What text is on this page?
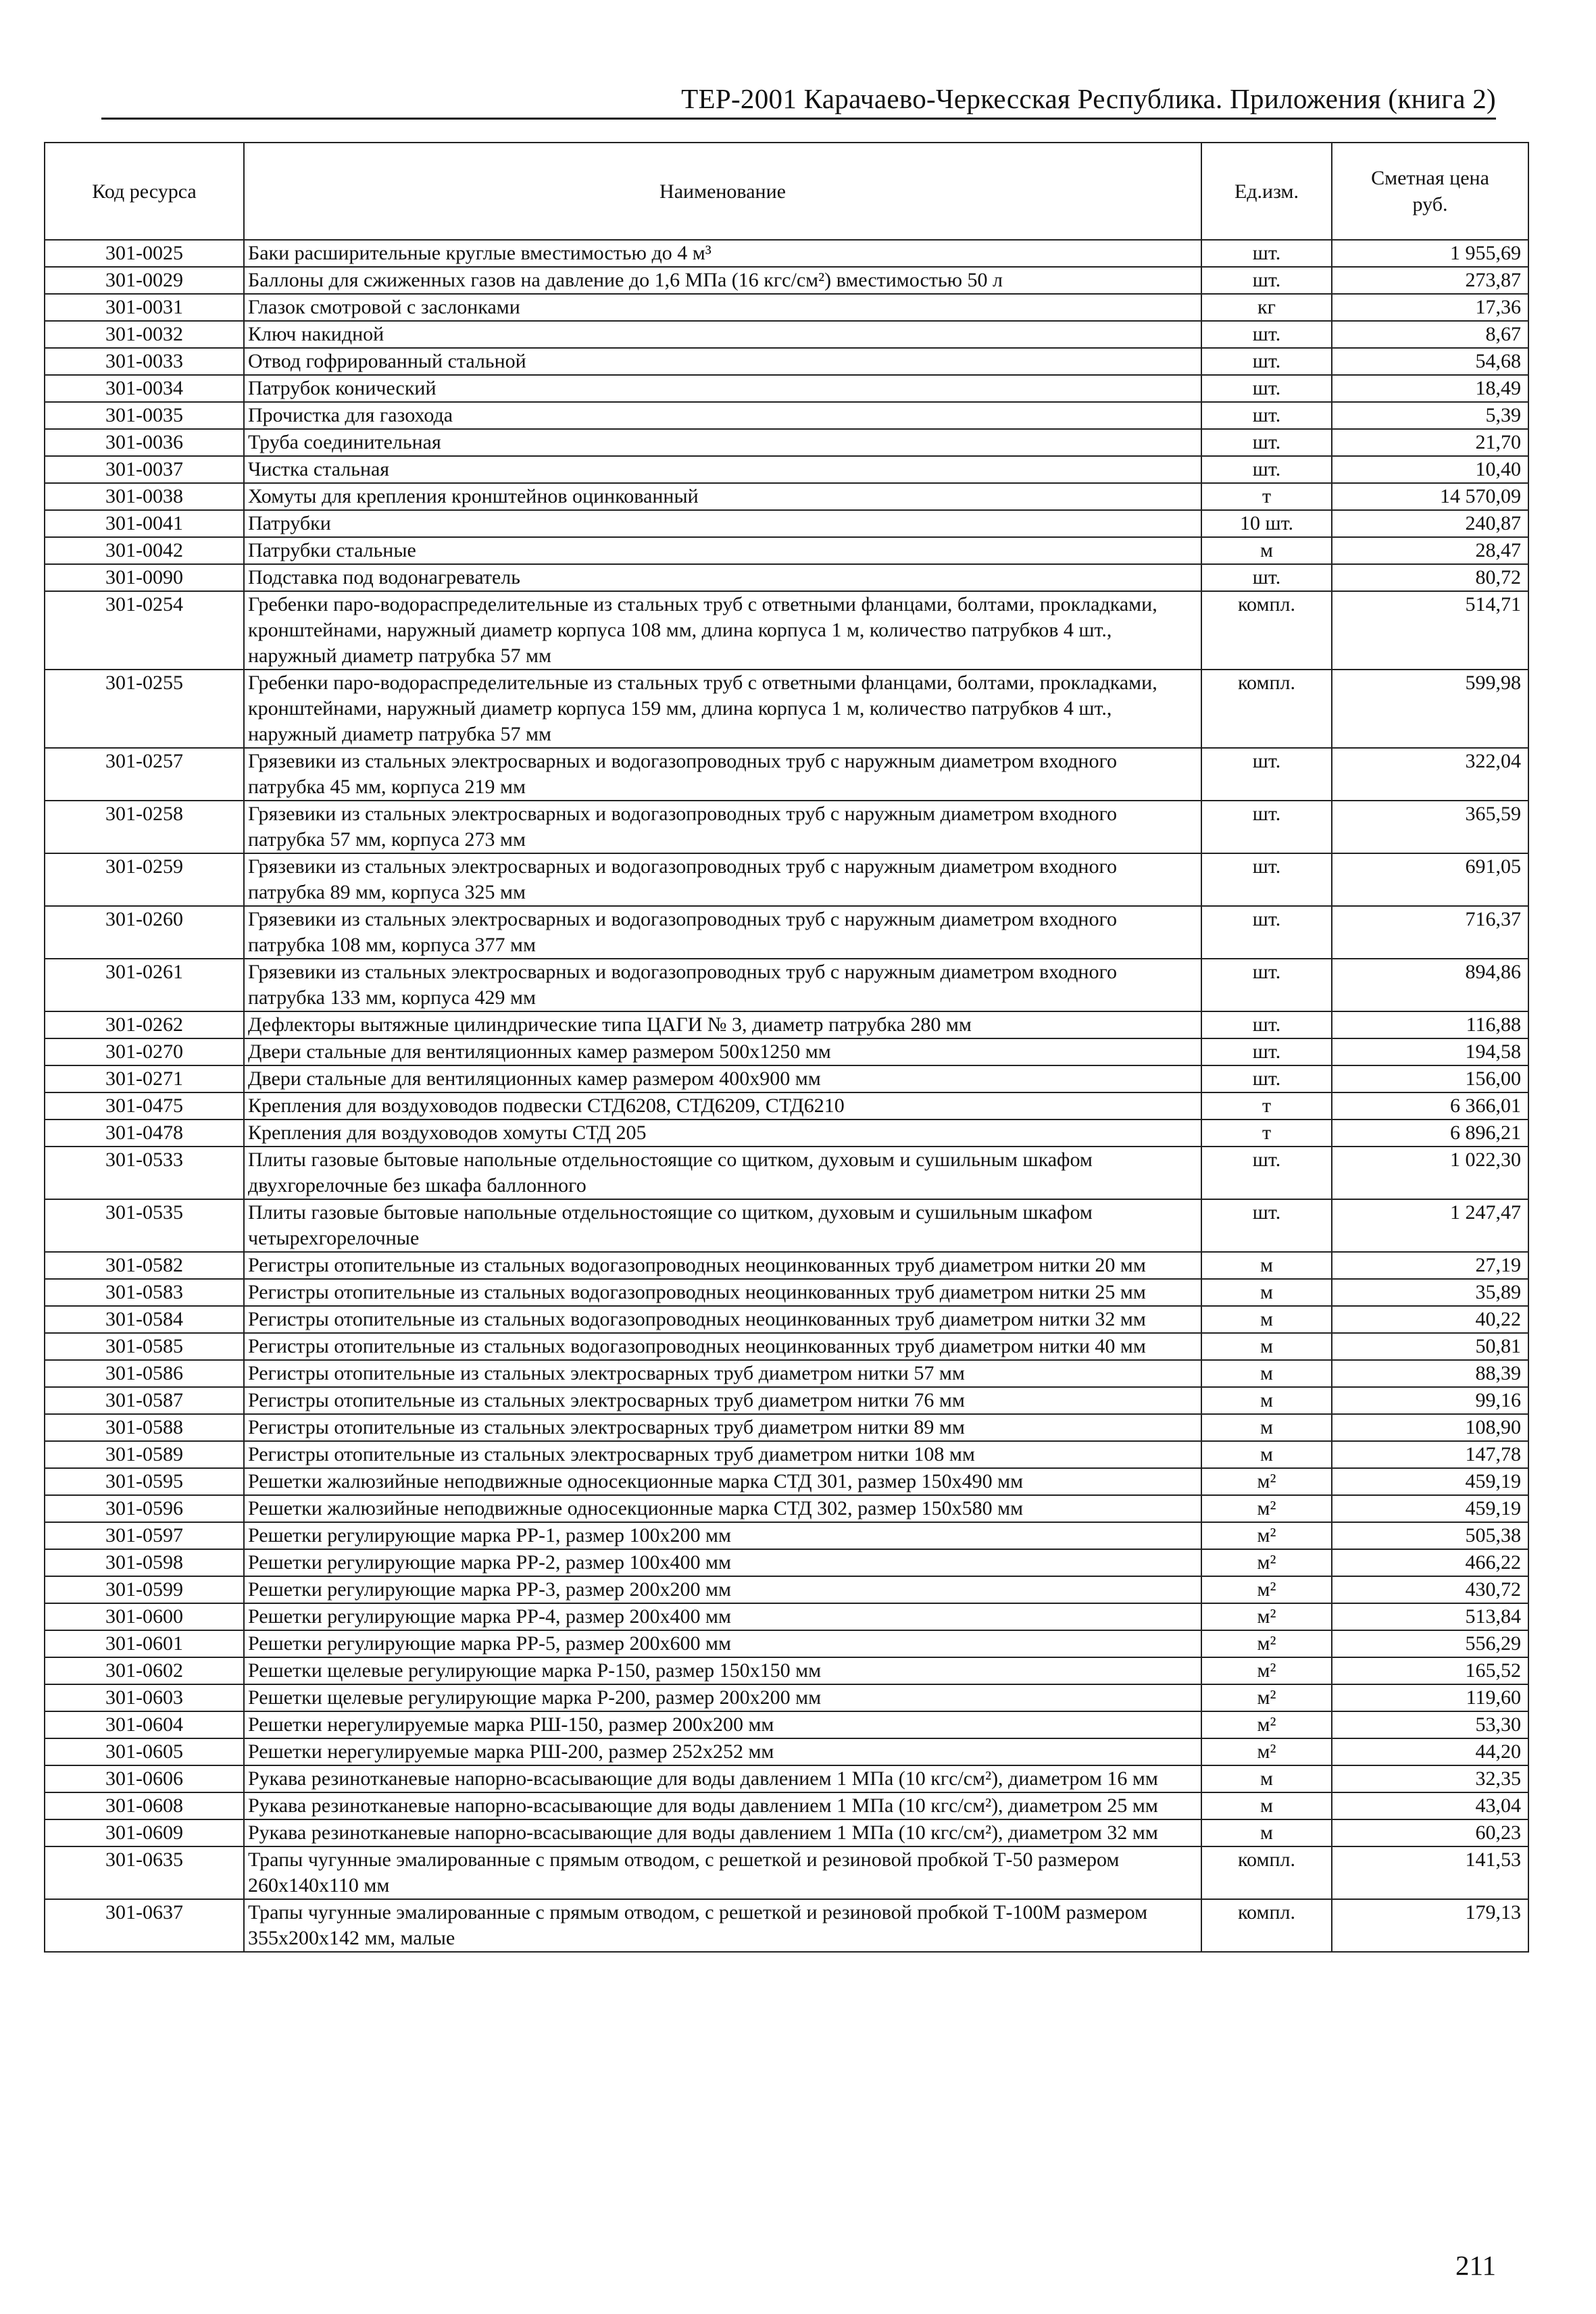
ТЕР-2001 Карачаево-Черкесская Республика. Приложения (книга 2)
Код ресурса	Наименование	Ед.изм.	Сметная цена руб.
301-0025	Баки расширительные круглые вместимостью до 4 м³	шт.	1 955,69
301-0029	Баллоны для сжиженных газов на давление до 1,6 МПа (16 кгс/см²) вместимостью 50 л	шт.	273,87
301-0031	Глазок смотровой с заслонками	кг	17,36
301-0032	Ключ накидной	шт.	8,67
301-0033	Отвод гофрированный стальной	шт.	54,68
301-0034	Патрубок конический	шт.	18,49
301-0035	Прочистка для газохода	шт.	5,39
301-0036	Труба соединительная	шт.	21,70
301-0037	Чистка стальная	шт.	10,40
301-0038	Хомуты для крепления кронштейнов оцинкованный	т	14 570,09
301-0041	Патрубки	10 шт.	240,87
301-0042	Патрубки стальные	м	28,47
301-0090	Подставка под водонагреватель	шт.	80,72
301-0254	Гребенки паро-водораспределительные из стальных труб с ответными фланцами, болтами, прокладками, кронштейнами, наружный диаметр корпуса 108 мм, длина корпуса 1 м, количество патрубков 4 шт., наружный диаметр патрубка 57 мм	компл.	514,71
301-0255	Гребенки паро-водораспределительные из стальных труб с ответными фланцами, болтами, прокладками, кронштейнами, наружный диаметр корпуса 159 мм, длина корпуса 1 м, количество патрубков 4 шт., наружный диаметр патрубка 57 мм	компл.	599,98
301-0257	Грязевики из стальных электросварных и водогазопроводных труб с наружным диаметром входного патрубка 45 мм, корпуса 219 мм	шт.	322,04
301-0258	Грязевики из стальных электросварных и водогазопроводных труб с наружным диаметром входного патрубка 57 мм, корпуса 273 мм	шт.	365,59
301-0259	Грязевики из стальных электросварных и водогазопроводных труб с наружным диаметром входного патрубка 89 мм, корпуса 325 мм	шт.	691,05
301-0260	Грязевики из стальных электросварных и водогазопроводных труб с наружным диаметром входного патрубка 108 мм, корпуса 377 мм	шт.	716,37
301-0261	Грязевики из стальных электросварных и водогазопроводных труб с наружным диаметром входного патрубка 133 мм, корпуса 429 мм	шт.	894,86
301-0262	Дефлекторы вытяжные цилиндрические типа ЦАГИ № 3, диаметр патрубка 280 мм	шт.	116,88
301-0270	Двери стальные для вентиляционных камер размером 500х1250 мм	шт.	194,58
301-0271	Двери стальные для вентиляционных камер размером 400х900 мм	шт.	156,00
301-0475	Крепления для воздуховодов подвески СТД6208, СТД6209, СТД6210	т	6 366,01
301-0478	Крепления для воздуховодов хомуты СТД 205	т	6 896,21
301-0533	Плиты газовые бытовые напольные отдельностоящие со щитком, духовым и сушильным шкафом двухгорелочные без шкафа баллонного	шт.	1 022,30
301-0535	Плиты газовые бытовые напольные отдельностоящие со щитком, духовым и сушильным шкафом четырехгорелочные	шт.	1 247,47
301-0582	Регистры отопительные из стальных водогазопроводных неоцинкованных труб диаметром нитки 20 мм	м	27,19
301-0583	Регистры отопительные из стальных водогазопроводных неоцинкованных труб диаметром нитки 25 мм	м	35,89
301-0584	Регистры отопительные из стальных водогазопроводных неоцинкованных труб диаметром нитки 32 мм	м	40,22
301-0585	Регистры отопительные из стальных водогазопроводных неоцинкованных труб диаметром нитки 40 мм	м	50,81
301-0586	Регистры отопительные из стальных электросварных труб диаметром нитки 57 мм	м	88,39
301-0587	Регистры отопительные из стальных электросварных труб диаметром нитки 76 мм	м	99,16
301-0588	Регистры отопительные из стальных электросварных труб диаметром нитки 89 мм	м	108,90
301-0589	Регистры отопительные из стальных электросварных труб диаметром нитки 108 мм	м	147,78
301-0595	Решетки жалюзийные неподвижные односекционные марка СТД 301, размер 150х490 мм	м²	459,19
301-0596	Решетки жалюзийные неподвижные односекционные марка СТД 302, размер 150х580 мм	м²	459,19
301-0597	Решетки регулирующие марка РР-1, размер 100х200 мм	м²	505,38
301-0598	Решетки регулирующие марка РР-2, размер 100х400 мм	м²	466,22
301-0599	Решетки регулирующие марка РР-3, размер 200х200 мм	м²	430,72
301-0600	Решетки регулирующие марка РР-4, размер 200х400 мм	м²	513,84
301-0601	Решетки регулирующие марка РР-5, размер 200х600 мм	м²	556,29
301-0602	Решетки щелевые регулирующие марка Р-150, размер 150х150 мм	м²	165,52
301-0603	Решетки щелевые регулирующие марка Р-200, размер 200х200 мм	м²	119,60
301-0604	Решетки нерегулируемые марка РШ-150, размер 200х200 мм	м²	53,30
301-0605	Решетки нерегулируемые марка РШ-200, размер 252х252 мм	м²	44,20
301-0606	Рукава резинотканевые напорно-всасывающие для воды давлением 1 МПа (10 кгс/см²), диаметром 16 мм	м	32,35
301-0608	Рукава резинотканевые напорно-всасывающие для воды давлением 1 МПа (10 кгс/см²), диаметром 25 мм	м	43,04
301-0609	Рукава резинотканевые напорно-всасывающие для воды давлением 1 МПа (10 кгс/см²), диаметром 32 мм	м	60,23
301-0635	Трапы чугунные эмалированные с прямым отводом, с решеткой и резиновой пробкой Т-50 размером 260х140х110 мм	компл.	141,53
301-0637	Трапы чугунные эмалированные с прямым отводом, с решеткой и резиновой пробкой Т-100М размером 355х200х142 мм, малые	компл.	179,13
211
